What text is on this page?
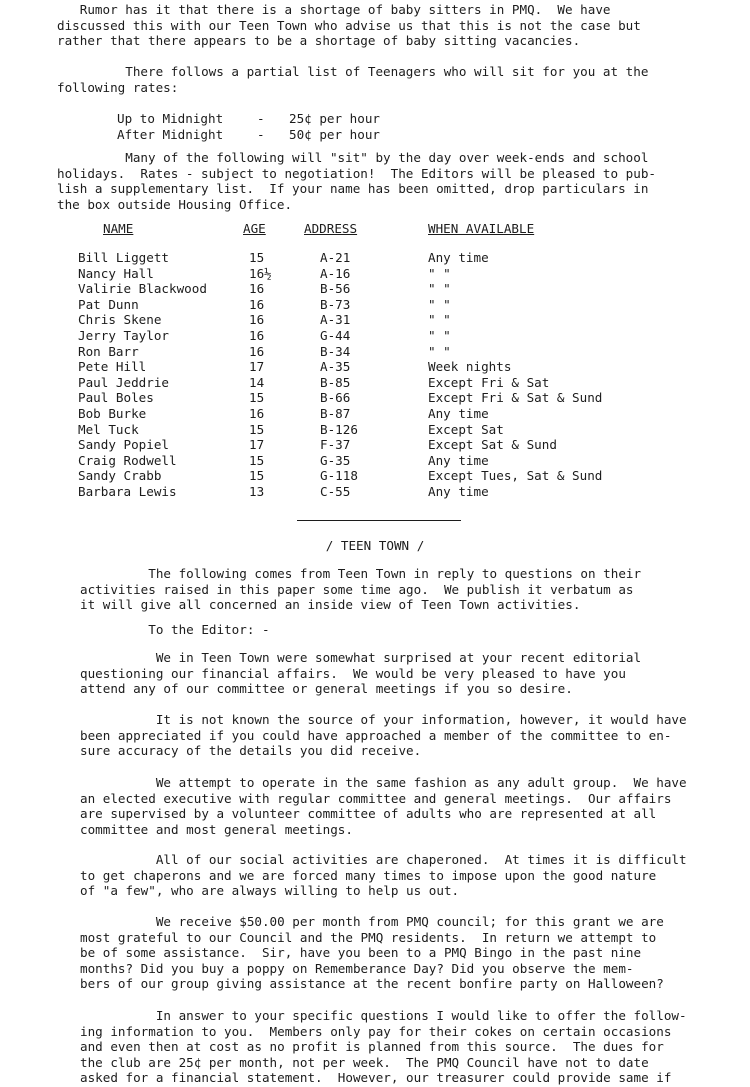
Rumor has it that there is a shortage of baby sitters in PMQ.  We have
discussed this with our Teen Town who advise us that this is not the case but
rather that there appears to be a shortage of baby sitting vacancies.

There follows a partial list of Teenagers who will sit for you at the
following rates:

Up to Midnight	-	25¢ per hour
After Midnight	-	50¢ per hour

Many of the following will "sit" by the day over week-ends and school
holidays.  Rates - subject to negotiation!  The Editors will be pleased to pub-
lish a supplementary list.  If your name has been omitted, drop particulars in
the box outside Housing Office.

NAME	AGE	ADDRESS	WHEN AVAILABLE
Bill Liggett	15	A-21	Any time
Nancy Hall	16½	A-16	" "
Valirie Blackwood	16	B-56	" "
Pat Dunn	16	B-73	" "
Chris Skene	16	A-31	" "
Jerry Taylor	16	G-44	" "
Ron Barr	16	B-34	" "
Pete Hill	17	A-35	Week nights
Paul Jeddrie	14	B-85	Except Fri & Sat
Paul Boles	15	B-66	Except Fri & Sat & Sund
Bob Burke	16	B-87	Any time
Mel Tuck	15	B-126	Except Sat
Sandy Popiel	17	F-37	Except Sat & Sund
Craig Rodwell	15	G-35	Any time
Sandy Crabb	15	G-118	Except Tues, Sat & Sund
Barbara Lewis	13	C-55	Any time
/ TEEN TOWN /

The following comes from Teen Town in reply to questions on their
activities raised in this paper some time ago.  We publish it verbatum as
it will give all concerned an inside view of Teen Town activities.

To the Editor: -

We in Teen Town were somewhat surprised at your recent editorial
questioning our financial affairs.  We would be very pleased to have you
attend any of our committee or general meetings if you so desire.

It is not known the source of your information, however, it would have
been appreciated if you could have approached a member of the committee to en-
sure accuracy of the details you did receive.

We attempt to operate in the same fashion as any adult group.  We have
an elected executive with regular committee and general meetings.  Our affairs
are supervised by a volunteer committee of adults who are represented at all
committee and most general meetings.

All of our social activities are chaperoned.  At times it is difficult
to get chaperons and we are forced many times to impose upon the good nature
of "a few", who are always willing to help us out.

We receive $50.00 per month from PMQ council; for this grant we are
most grateful to our Council and the PMQ residents.  In return we attempt to
be of some assistance.  Sir, have you been to a PMQ Bingo in the past nine
months? Did you buy a poppy on Rememberance Day? Did you observe the mem-
bers of our group giving assistance at the recent bonfire party on Halloween?

In answer to your specific questions I would like to offer the follow-
ing information to you.  Members only pay for their cokes on certain occasions
and even then at cost as no profit is planned from this source.  The dues for
the club are 25¢ per month, not per week.  The PMQ Council have not to date
asked for a financial statement.  However, our treasurer could provide same if
